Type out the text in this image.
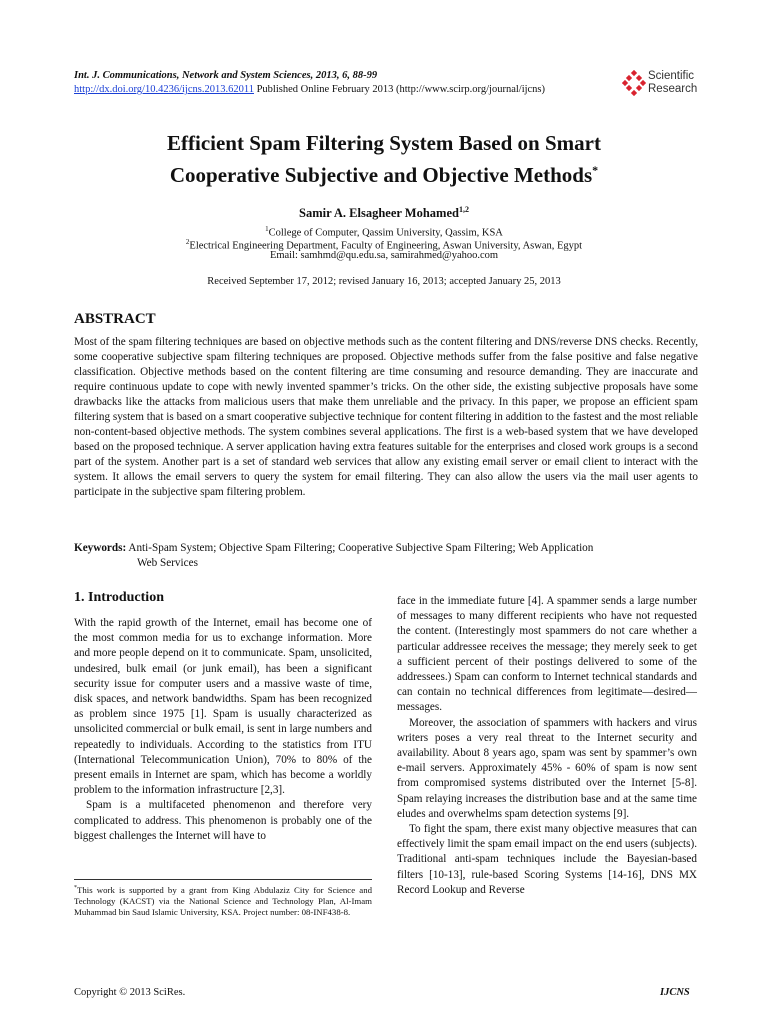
Int. J. Communications, Network and System Sciences, 2013, 6, 88-99
http://dx.doi.org/10.4236/ijcns.2013.62011 Published Online February 2013 (http://www.scirp.org/journal/ijcns)
Scientific
Research
Efficient Spam Filtering System Based on Smart
Cooperative Subjective and Objective Methods*
Samir A. Elsagheer Mohamed$^{1,2}$
$^1$College of Computer, Qassim University, Qassim, KSA
$^2$Electrical Engineering Department, Faculty of Engineering, Aswan University, Aswan, Egypt
Email: samhmd@qu.edu.sa, samirahmed@yahoo.com
Received September 17, 2012; revised January 16, 2013; accepted January 25, 2013
ABSTRACT
Most of the spam filtering techniques are based on objective methods such as the content filtering and DNS/reverse DNS checks. Recently, some cooperative subjective spam filtering techniques are proposed. Objective methods suffer from the false positive and false negative classification. Objective methods based on the content filtering are time consuming and resource demanding. They are inaccurate and require continuous update to cope with newly invented spammer’s tricks. On the other side, the existing subjective proposals have some drawbacks like the attacks from malicious users that make them unreliable and the privacy. In this paper, we propose an efficient spam filtering system that is based on a smart cooperative subjective technique for content filtering in addition to the fastest and the most reliable non-content-based objective methods. The system combines several applications. The first is a web-based system that we have developed based on the proposed technique. A server application having extra features suitable for the enterprises and closed work groups is a second part of the system. Another part is a set of standard web services that allow any existing email server or email client to interact with the system. It allows the email servers to query the system for email filtering. They can also allow the users via the mail user agents to participate in the subjective spam filtering problem.
Keywords: Anti-Spam System; Objective Spam Filtering; Cooperative Subjective Spam Filtering; Web Application
Web Services
1. Introduction

With the rapid growth of the Internet, email has become one of the most common media for us to exchange information. More and more people depend on it to communicate. Spam, unsolicited, undesired, bulk email (or junk email), has been a significant security issue for computer users and a massive waste of time, disk spaces, and network bandwidths. Spam has been recognized as problem since 1975 [1]. Spam is usually characterized as unsolicited commercial or bulk email, is sent in large numbers and repeatedly to individuals. According to the statistics from ITU (International Telecommunication Union), 70% to 80% of the present emails in Internet are spam, which has become a worldly problem to the information infrastructure [2,3].

Spam is a multifaceted phenomenon and therefore very complicated to address. This phenomenon is probably one of the biggest challenges the Internet will have to

*This work is supported by a grant from King Abdulaziz City for Science and Technology (KACST) via the National Science and Technology Plan, Al-Imam Muhammad bin Saud Islamic University, KSA. Project number: 08-INF438-8.

face in the immediate future [4]. A spammer sends a large number of messages to many different recipients who have not requested the content. (Interestingly most spammers do not care whether a particular addressee receives the message; they merely seek to get a sufficient percent of their postings delivered to some of the addressees.) Spam can conform to Internet technical standards and can contain no technical differences from legitimate—desired—messages.

Moreover, the association of spammers with hackers and virus writers poses a very real threat to the Internet security and availability. About 8 years ago, spam was sent by spammer’s own e-mail servers. Approximately 45% - 60% of spam is now sent from compromised systems distributed over the Internet [5-8]. Spam relaying increases the distribution base and at the same time eludes and overwhelms spam detection systems [9].

To fight the spam, there exist many objective measures that can effectively limit the spam email impact on the end users (subjects). Traditional anti-spam techniques include the Bayesian-based filters [10-13], rule-based Scoring Systems [14-16], DNS MX Record Lookup and Reverse

Copyright © 2013 SciRes.	IJCNS
